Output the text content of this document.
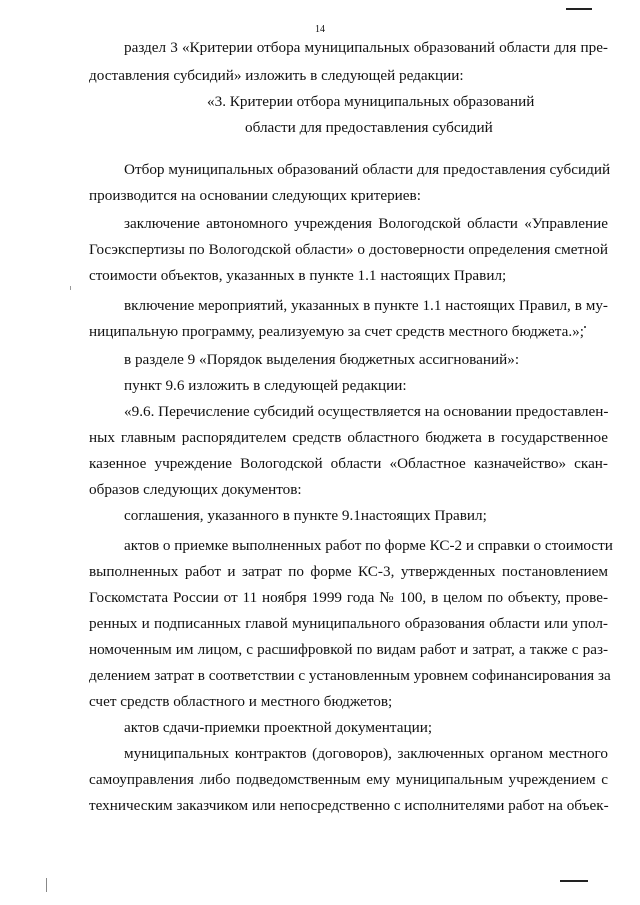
14
раздел 3 «Критерии отбора муниципальных образований области для пре-
доставления субсидий» изложить в следующей редакции:
«3. Критерии отбора муниципальных образований
области для предоставления субсидий
Отбор муниципальных образований области для предоставления субсидий
производится на основании следующих критериев:
заключение автономного учреждения Вологодской области «Управление
Госэкспертизы по Вологодской области» о достоверности определения сметной
стоимости объектов, указанных в пункте 1.1 настоящих Правил;
включение мероприятий, указанных в пункте 1.1 настоящих Правил, в му-
ниципальную программу, реализуемую за счет средств местного бюджета.»;
в разделе 9 «Порядок выделения бюджетных ассигнований»:
пункт 9.6 изложить в следующей редакции:
«9.6. Перечисление субсидий осуществляется на основании предоставлен-
ных главным распорядителем средств областного бюджета в государственное
казенное учреждение Вологодской области «Областное казначейство» скан-
образов следующих документов:
соглашения, указанного в пункте 9.1настоящих Правил;
актов о приемке выполненных работ по форме КС-2 и справки о стоимости
выполненных работ и затрат по форме КС-3, утвержденных постановлением
Госкомстата России от 11 ноября 1999 года № 100, в целом по объекту, прове-
ренных и подписанных главой муниципального образования области или упол-
номоченным им лицом, с расшифровкой по видам работ и затрат, а также с раз-
делением затрат в соответствии с установленным уровнем софинансирования за
счет средств областного и местного бюджетов;
актов сдачи-приемки проектной документации;
муниципальных контрактов (договоров), заключенных органом местного
самоуправления либо подведомственным ему муниципальным учреждением с
техническим заказчиком или непосредственно с исполнителями работ на объек-
